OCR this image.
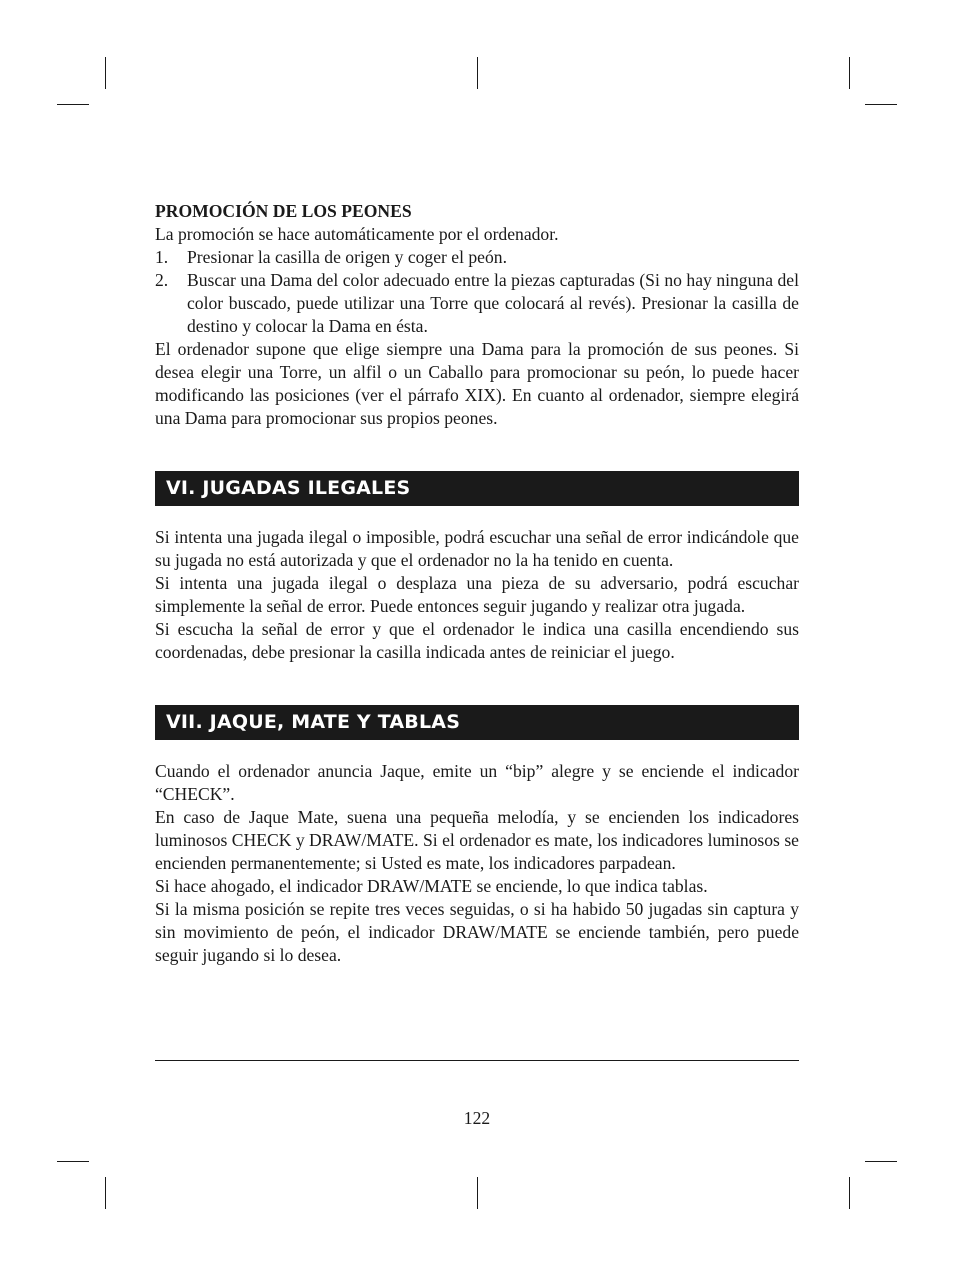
PROMOCIÓN DE LOS PEONES

La promoción se hace automáticamente por el ordenador.

1.	Presionar la casilla de origen y coger el peón.
2.	Buscar una Dama del color adecuado entre la piezas capturadas (Si no hay ninguna del color buscado, puede utilizar una Torre que colocará al revés). Presionar la casilla de destino y colocar la Dama en ésta.

El ordenador supone que elige siempre una Dama para la promoción de sus peones. Si desea elegir una Torre, un alfil o un Caballo para promocionar su peón, lo puede hacer modificando las posiciones (ver el párrafo XIX). En cuanto al ordenador, siempre elegirá una Dama para promocionar sus propios peones.

VI. JUGADAS ILEGALES

Si intenta una jugada ilegal o imposible, podrá escuchar una señal de error indicándole que su jugada no está autorizada y que el ordenador no la ha tenido en cuenta.

Si intenta una jugada ilegal o desplaza una pieza de su adversario, podrá escuchar simplemente la señal de error. Puede entonces seguir jugando y realizar otra jugada.

Si escucha la señal de error y que el ordenador le indica una casilla encendiendo sus coordenadas, debe presionar la casilla indicada antes de reiniciar el juego.

VII. JAQUE, MATE Y TABLAS

Cuando el ordenador anuncia Jaque, emite un “bip” alegre y se enciende el indicador “CHECK”.

En caso de Jaque Mate, suena una pequeña melodía, y se encienden los indicadores luminosos CHECK y DRAW/MATE. Si el ordenador es mate, los indicadores luminosos se encienden permanentemente; si Usted es mate, los indicadores parpadean.

Si hace ahogado, el indicador DRAW/MATE se enciende, lo que indica tablas.

Si la misma posición se repite tres veces seguidas, o si ha habido 50 jugadas sin captura y sin movimiento de peón, el indicador DRAW/MATE se enciende también, pero puede seguir jugando si lo desea.

122
